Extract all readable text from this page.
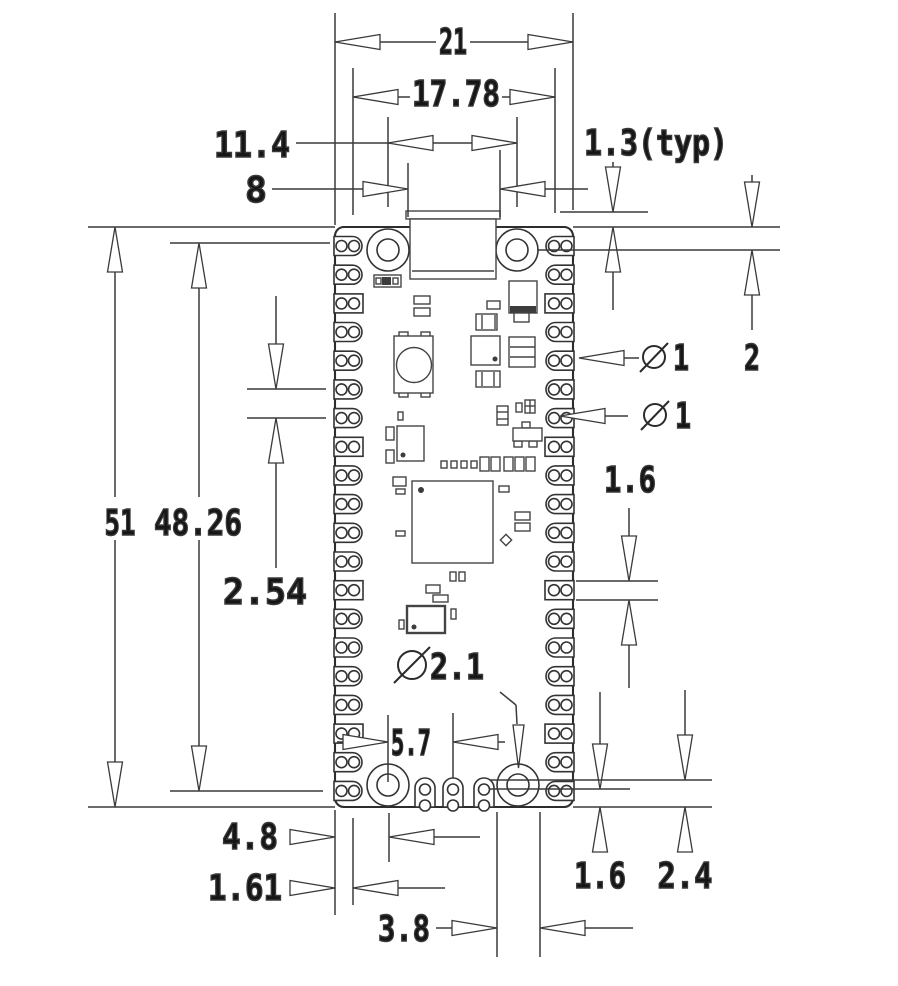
21
17.78
11.4
8
1.3(typ)
2
1
1
1.6
51 48.26
2.54
2.1
5.7
4.8
1.61
3.8
1.6 2.4
